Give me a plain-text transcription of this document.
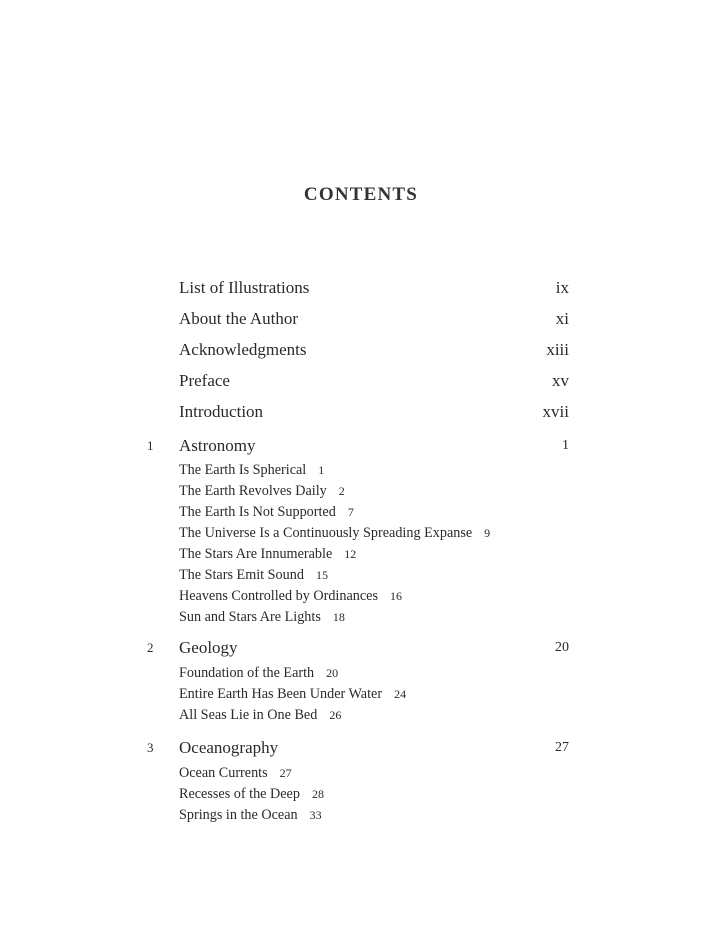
CONTENTS
List of Illustrations	ix
About the Author	xi
Acknowledgments	xiii
Preface	xv
Introduction	xvii
1 Astronomy	1
The Earth Is Spherical 1
The Earth Revolves Daily 2
The Earth Is Not Supported 7
The Universe Is a Continuously Spreading Expanse 9
The Stars Are Innumerable 12
The Stars Emit Sound 15
Heavens Controlled by Ordinances 16
Sun and Stars Are Lights 18
2 Geology	20
Foundation of the Earth 20
Entire Earth Has Been Under Water 24
All Seas Lie in One Bed 26
3 Oceanography	27
Ocean Currents 27
Recesses of the Deep 28
Springs in the Ocean 33
